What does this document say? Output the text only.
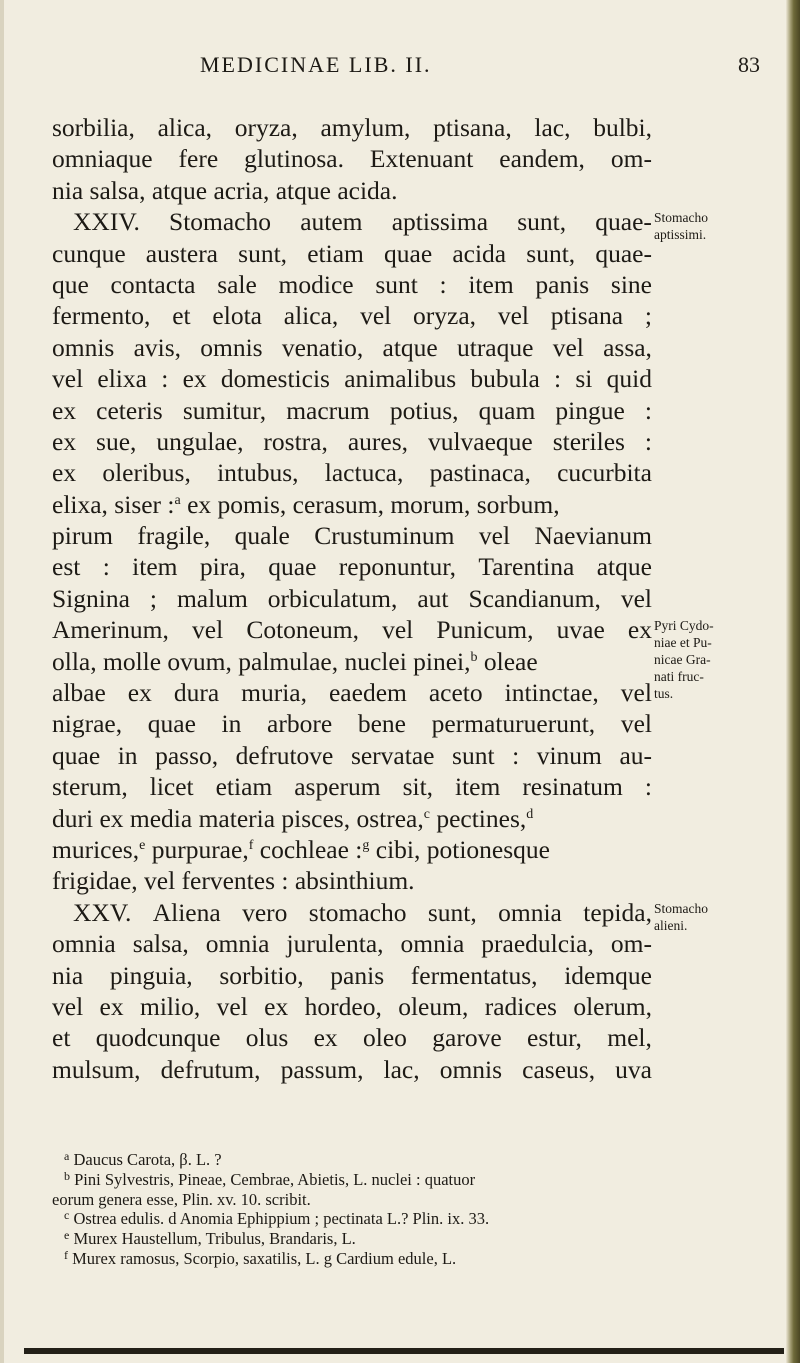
MEDICINAE LIB. II.	83
sorbilia, alica, oryza, amylum, ptisana, lac, bulbi,
omniaque fere glutinosa. Extenuant eandem, om-
nia salsa, atque acria, atque acida.
XXIV. Stomacho autem aptissima sunt, quae-
cunque austera sunt, etiam quae acida sunt, quae-
que contacta sale modice sunt : item panis sine
fermento, et elota alica, vel oryza, vel ptisana ;
omnis avis, omnis venatio, atque utraque vel assa,
vel elixa : ex domesticis animalibus bubula : si quid
ex ceteris sumitur, macrum potius, quam pingue :
ex sue, ungulae, rostra, aures, vulvaeque steriles :
ex oleribus, intubus, lactuca, pastinaca, cucurbita
elixa, siser :$^a$ ex pomis, cerasum, morum, sorbum,
pirum fragile, quale Crustuminum vel Naevianum
est : item pira, quae reponuntur, Tarentina atque
Signina ; malum orbiculatum, aut Scandianum, vel
Amerinum, vel Cotoneum, vel Punicum, uvae ex
olla, molle ovum, palmulae, nuclei pinei,$^b$ oleae
albae ex dura muria, eaedem aceto intinctae, vel
nigrae, quae in arbore bene permaturuerunt, vel
quae in passo, defrutove servatae sunt : vinum au-
sterum, licet etiam asperum sit, item resinatum :
duri ex media materia pisces, ostrea,$^c$ pectines,$^d$
murices,$^e$ purpurae,$^f$ cochleae :$^g$ cibi, potionesque
frigidae, vel ferventes : absinthium.
XXV. Aliena vero stomacho sunt, omnia tepida,
omnia salsa, omnia jurulenta, omnia praedulcia, om-
nia pinguia, sorbitio, panis fermentatus, idemque
vel ex milio, vel ex hordeo, oleum, radices olerum,
et quodcunque olus ex oleo garove estur, mel,
mulsum, defrutum, passum, lac, omnis caseus, uva
Stomacho
aptissimi.
Pyri Cydo-
niae et Pu-
nicae Gra-
nati fruc-
tus.
Stomacho
alieni.
$^a$ Daucus Carota, β. L. ?
$^b$ Pini Sylvestris, Pineae, Cembrae, Abietis, L. nuclei : quatuor
eorum genera esse, Plin. xv. 10. scribit.
$^c$ Ostrea edulis. d Anomia Ephippium ; pectinata L.? Plin. ix. 33.
$^e$ Murex Haustellum, Tribulus, Brandaris, L.
$^f$ Murex ramosus, Scorpio, saxatilis, L. g Cardium edule, L.
